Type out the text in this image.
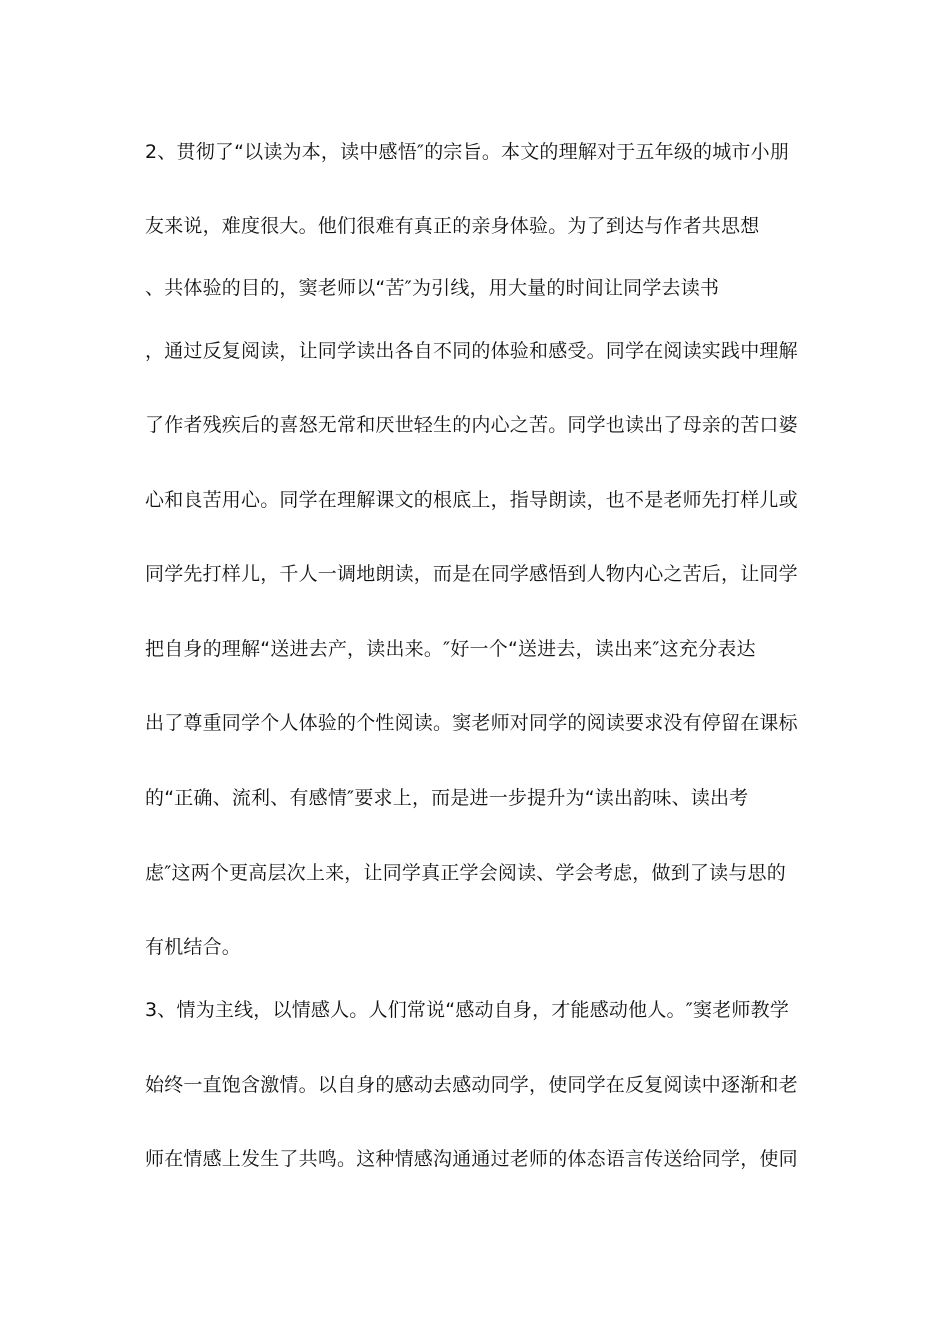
2、贯彻了“以读为本，读中感悟″的宗旨。本文的理解对于五年级的城市小朋
友来说，难度很大。他们很难有真正的亲身体验。为了到达与作者共思想
、共体验的目的，窦老师以“苦″为引线，用大量的时间让同学去读书
，通过反复阅读，让同学读出各自不同的体验和感受。同学在阅读实践中理解
了作者残疾后的喜怒无常和厌世轻生的内心之苦。同学也读出了母亲的苦口婆
心和良苦用心。同学在理解课文的根底上，指导朗读，也不是老师先打样儿或
同学先打样儿，千人一调地朗读，而是在同学感悟到人物内心之苦后，让同学
把自身的理解“送进去产，读出来。″好一个“送进去，读出来″这充分表达
出了尊重同学个人体验的个性阅读。窦老师对同学的阅读要求没有停留在课标
的“正确、流利、有感情″要求上，而是进一步提升为“读出韵味、读出考
虑″这两个更高层次上来，让同学真正学会阅读、学会考虑，做到了读与思的
有机结合。
3、情为主线，以情感人。人们常说“感动自身，才能感动他人。″窦老师教学
始终一直饱含激情。以自身的感动去感动同学，使同学在反复阅读中逐渐和老
师在情感上发生了共鸣。这种情感沟通通过老师的体态语言传送给同学，使同
